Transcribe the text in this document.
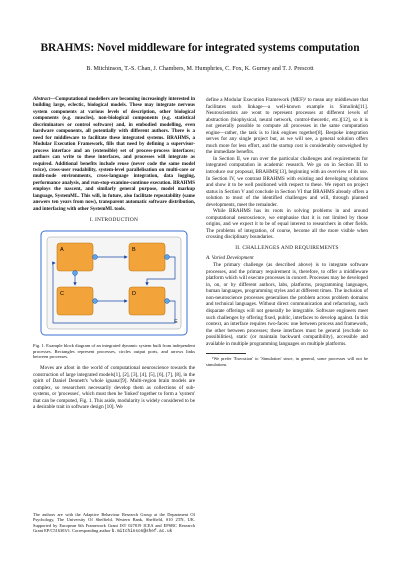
BRAHMS: Novel middleware for integrated systems computation
B. Mitchinson, T.-S. Chan, J. Chambers, M. Humphries, C. Fox, K. Gurney and T. J. Prescott
Abstract—Computational modellers are becoming increasingly interested in building large, eclectic, biological models. These may integrate nervous system components at various levels of description, other biological components (e.g. muscles), non-biological components (e.g. statistical discriminators or control software) and, in embodied modelling, even hardware components, all potentially with different authors. There is a need for middleware to facilitate these integrated systems. BRAHMS, a Modular Execution Framework, fills that need by defining a supervisor-process interface and an (extensible) set of process-process interfaces; authors can write to these interfaces, and processes will integrate as required. Additional benefits include reuse (never code the same model twice), cross-user readability, system-level parallelisation on multi-core or multi-node environments, cross-language integration, data logging, performance analysis, and run-stop-examine-continue execution. BRAHMS employs the nascent, and similarly general purpose, model markup language, SystemML. This will, in future, also facilitate repeatability (same answers ten years from now), transparent automatic software distribution, and interfacing with other SystemML tools.
I. INTRODUCTION
A	B
C	D
E
Fig. 1. Example block diagram of an integrated dynamic system built from independent processes. Rectangles represent processes, circles output ports, and arrows links between processes.

Moves are afoot in the world of computational neuroscience towards the construction of large integrated models[1], [2], [3], [4], [5], [6], [7], [8], in the spirit of Daniel Dennett's 'whole iguana'[9]. Multi-region brain models are complex, so researchers necessarily develop them as collections of sub-systems, or 'processes', which must then be 'linked' together to form a 'system' that can be computed, Fig. 1. This aside, modularity is widely considered to be a desirable trait in software design [10]. We

The authors are with the Adaptive Behaviour Research Group at the Department Of Psychology, The University Of Sheffield, Western Bank, Sheffield, S10 2TN, UK. Supported by European 6th Framework Grant IST 027819 ICEA and EPSRC Research Grant EP/C516303/1. Corresponding author b.mitchinson@shef.ac.uk

define a Modular Execution Framework (MEF)¹ to mean any middleware that facilitates such linkage—a well-known example is Simulink[11]. Neuroscientists are wont to represent processes at different levels of abstraction (biophysical, neural network, control-theoretic, etc.)[12], so it is not generally possible to compute all processes in the same computation engine—rather, the task is to link engines together[8]. Bespoke integration serves for any single project but, as we will see, a general solution offers much more for less effort, and the startup cost is considerably outweighed by the immediate benefits.

In Section II, we run over the particular challenges and requirements for integrated computation in academic research. We go on in Section III to introduce our proposal, BRAHMS[13], beginning with an overview of its use. In Section IV, we contrast BRAHMS with existing and developing solutions and show it to be well positioned with respect to these. We report on project status in Section V and conclude in Section VI that BRAHMS already offers a solution to most of the identified challenges and will, through planned developments, meet the remainder.

While BRAHMS has its roots in solving problems in and around computational neuroscience, we emphasise that it is not limited by those origins, and we expect it to be of equal interest to researchers in other fields. The problems of integration, of course, become all the more visible when crossing disciplinary boundaries.

II. CHALLENGES AND REQUIREMENTS
A. Varied Development

The primary challenge (as described above) is to integrate software processes, and the primary requirement is, therefore, to offer a middleware platform which will execute processes in concert. Processes may be developed in, on, or by different authors, labs, platforms, programming languages, human languages, programming styles and at different times. The inclusion of non-neuroscience processes generalises the problem across problem domains and technical languages. Without direct communication and refactoring, such disparate offerings will not generally be integrable. Software engineers meet such challenges by offering fixed, public, interfaces to develop against. In this context, an interface requires two-faces: one between process and framework, the other between processes; these interfaces must be general (exclude no possibilities), static (or maintain backward compatibility), accessible and available in multiple programming languages on multiple platforms.

¹We prefer 'Execution' to 'Simulation' since, in general, some processes will not be simulations.
